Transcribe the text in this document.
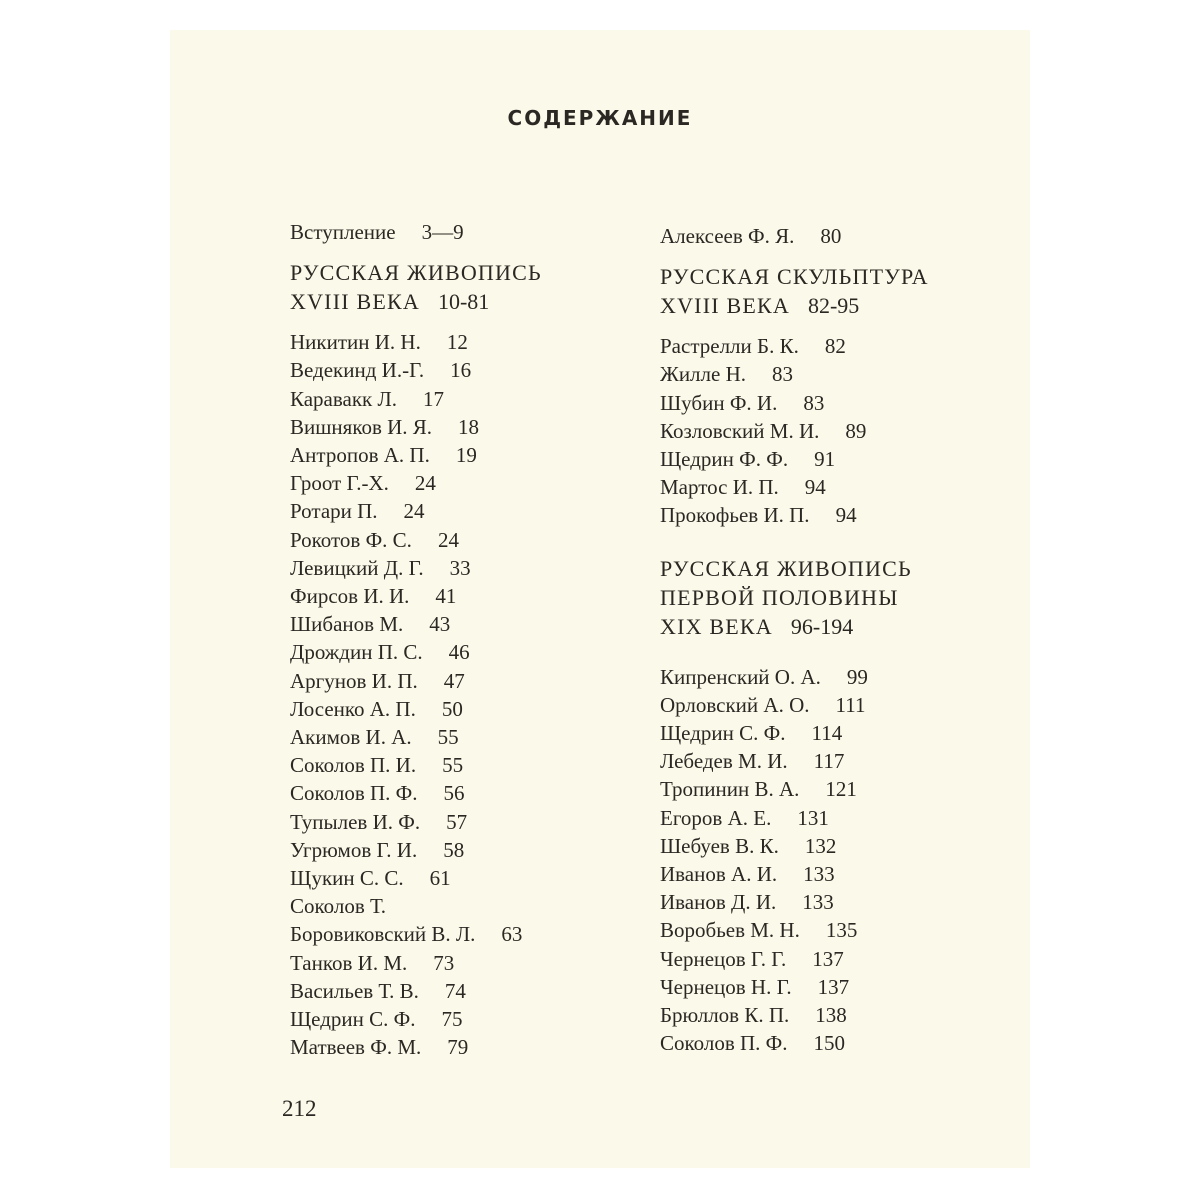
СОДЕРЖАНИЕ
Вступление 3—9
РУССКАЯ ЖИВОПИСЬ
XVIII ВЕКА 10-81
Никитин И. Н. 12
Ведекинд И.-Г. 16
Каравакк Л. 17
Вишняков И. Я. 18
Антропов А. П. 19
Гроот Г.-Х. 24
Ротари П. 24
Рокотов Ф. С. 24
Левицкий Д. Г. 33
Фирсов И. И. 41
Шибанов М. 43
Дрождин П. С. 46
Аргунов И. П. 47
Лосенко А. П. 50
Акимов И. А. 55
Соколов П. И. 55
Соколов П. Ф. 56
Тупылев И. Ф. 57
Угрюмов Г. И. 58
Щукин С. С. 61
Соколов Т.
Боровиковский В. Л. 63
Танков И. М. 73
Васильев Т. В. 74
Щедрин С. Ф. 75
Матвеев Ф. М. 79
Алексеев Ф. Я. 80
РУССКАЯ СКУЛЬПТУРА
XVIII ВЕКА 82-95
Растрелли Б. К. 82
Жилле Н. 83
Шубин Ф. И. 83
Козловский М. И. 89
Щедрин Ф. Ф. 91
Мартос И. П. 94
Прокофьев И. П. 94
РУССКАЯ ЖИВОПИСЬ
ПЕРВОЙ ПОЛОВИНЫ
XIX ВЕКА 96-194
Кипренский О. А. 99
Орловский А. О. 111
Щедрин С. Ф. 114
Лебедев М. И. 117
Тропинин В. А. 121
Егоров А. Е. 131
Шебуев В. К. 132
Иванов А. И. 133
Иванов Д. И. 133
Воробьев М. Н. 135
Чернецов Г. Г. 137
Чернецов Н. Г. 137
Брюллов К. П. 138
Соколов П. Ф. 150
212
